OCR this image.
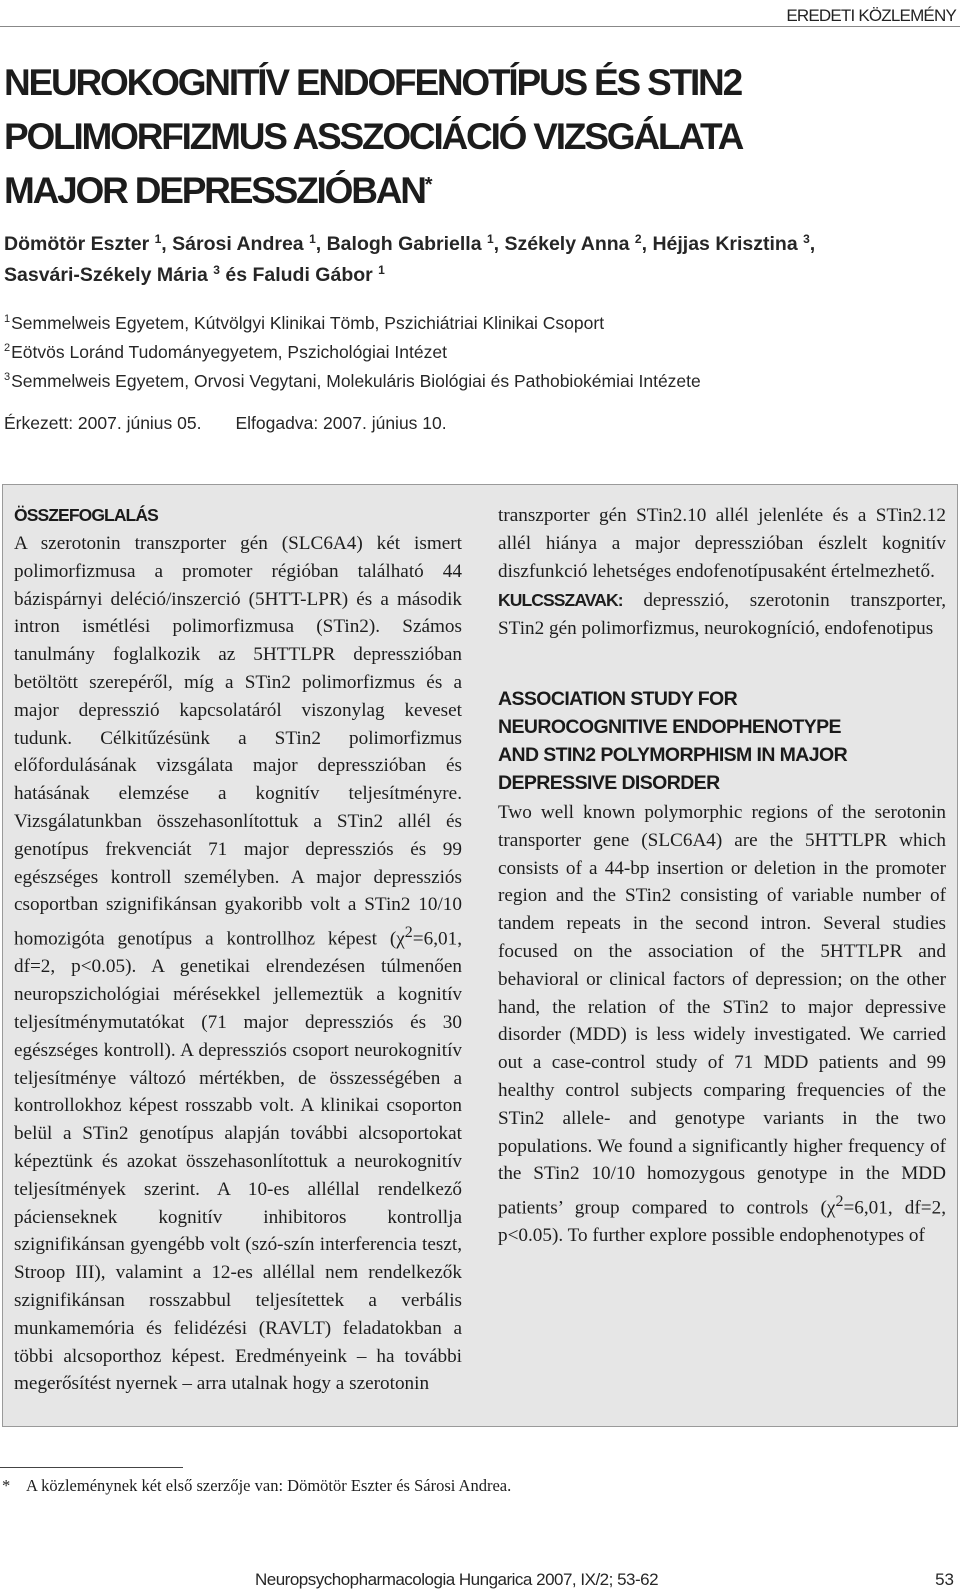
EREDETI KÖZLEMÉNY
NEUROKOGNITÍV ENDOFENOTÍPUS ÉS STIN2
POLIMORFIZMUS ASSZOCIÁCIÓ VIZSGÁLATA
MAJOR DEPRESSZIÓBAN*
Dömötör Eszter $^1$, Sárosi Andrea $^1$, Balogh Gabriella $^1$, Székely Anna $^2$, Héjjas Krisztina $^3$,
Sasvári-Székely Mária $^3$ és Faludi Gábor $^1$
$^1$Semmelweis Egyetem, Kútvölgyi Klinikai Tömb, Pszichiátriai Klinikai Csoport
$^2$Eötvös Loránd Tudományegyetem, Pszichológiai Intézet
$^3$Semmelweis Egyetem, Orvosi Vegytani, Molekuláris Biológiai és Pathobiokémiai Intézete
Érkezett: 2007. június 05. Elfogadva: 2007. június 10.
ÖSSZEFOGLALÁS

A szerotonin transzporter gén (SLC6A4) két ismert polimorfizmusa a promoter régióban található 44 bázispárnyi deléció/inszerció (5HTT-LPR) és a második intron ismétlési polimorfizmusa (STin2). Számos tanulmány foglalkozik az 5HTTLPR depresszióban betöltött szerepéről, míg a STin2 polimorfizmus és a major depresszió kapcsolatáról viszonylag keveset tudunk. Célkitűzésünk a STin2 polimorfizmus előfordulásának vizsgálata major depresszióban és hatásának elemzése a kognitív teljesítményre. Vizsgálatunkban összehasonlítottuk a STin2 allél és genotípus frekvenciát 71 major depressziós és 99 egészséges kontroll személyben. A major depressziós csoportban szignifikánsan gyakoribb volt a STin2 10/10 homozigóta genotípus a kontrollhoz képest ($\chi^2=6,01$, df=2, p<0.05). A genetikai elrendezésen túlmenően neuropszichológiai mérésekkel jellemeztük a kognitív teljesítménymutatókat (71 major depressziós és 30 egészséges kontroll). A depressziós csoport neurokognitív teljesítménye változó mértékben, de összességében a kontrollokhoz képest rosszabb volt. A klinikai csoporton belül a STin2 genotípus alapján további alcsoportokat képeztünk és azokat összehasonlítottuk a neurokognitív teljesítmények szerint. A 10-es alléllal rendelkező pácienseknek kognitív inhibitoros kontrollja szignifikánsan gyengébb volt (szó-szín interferencia teszt, Stroop III), valamint a 12-es alléllal nem rendelkezők szignifikánsan rosszabbul teljesítettek a verbális munkamemória és felidézési (RAVLT) feladatokban a többi alcsoporthoz képest. Eredményeink – ha további megerősítést nyernek – arra utalnak hogy a szerotonin

transzporter gén STin2.10 allél jelenléte és a STin2.12 allél hiánya a major depresszióban észlelt kognitív diszfunkció lehetséges endofenotípusaként értelmezhető.

KULCSSZAVAK: depresszió, szerotonin transzporter, STin2 gén polimorfizmus, neurokogníció, endofenotipus

ASSOCIATION STUDY FOR
NEUROCOGNITIVE ENDOPHENOTYPE
AND STIN2 POLYMORPHISM IN MAJOR
DEPRESSIVE DISORDER

Two well known polymorphic regions of the serotonin transporter gene (SLC6A4) are the 5HTTLPR which consists of a 44-bp insertion or deletion in the promoter region and the STin2 consisting of variable number of tandem repeats in the second intron. Several studies focused on the association of the 5HTTLPR and behavioral or clinical factors of depression; on the other hand, the relation of the STin2 to major depressive disorder (MDD) is less widely investigated. We carried out a case-control study of 71 MDD patients and 99 healthy control subjects comparing frequencies of the STin2 allele- and genotype variants in the two populations. We found a significantly higher frequency of the STin2 10/10 homozygous genotype in the MDD patients’ group compared to controls ($\chi^2=6,01$, df=2, p<0.05). To further explore possible endophenotypes of

* A közleménynek két első szerzője van: Dömötör Eszter és Sárosi Andrea.
Neuropsychopharmacologia Hungarica 2007, IX/2; 53-62	53
